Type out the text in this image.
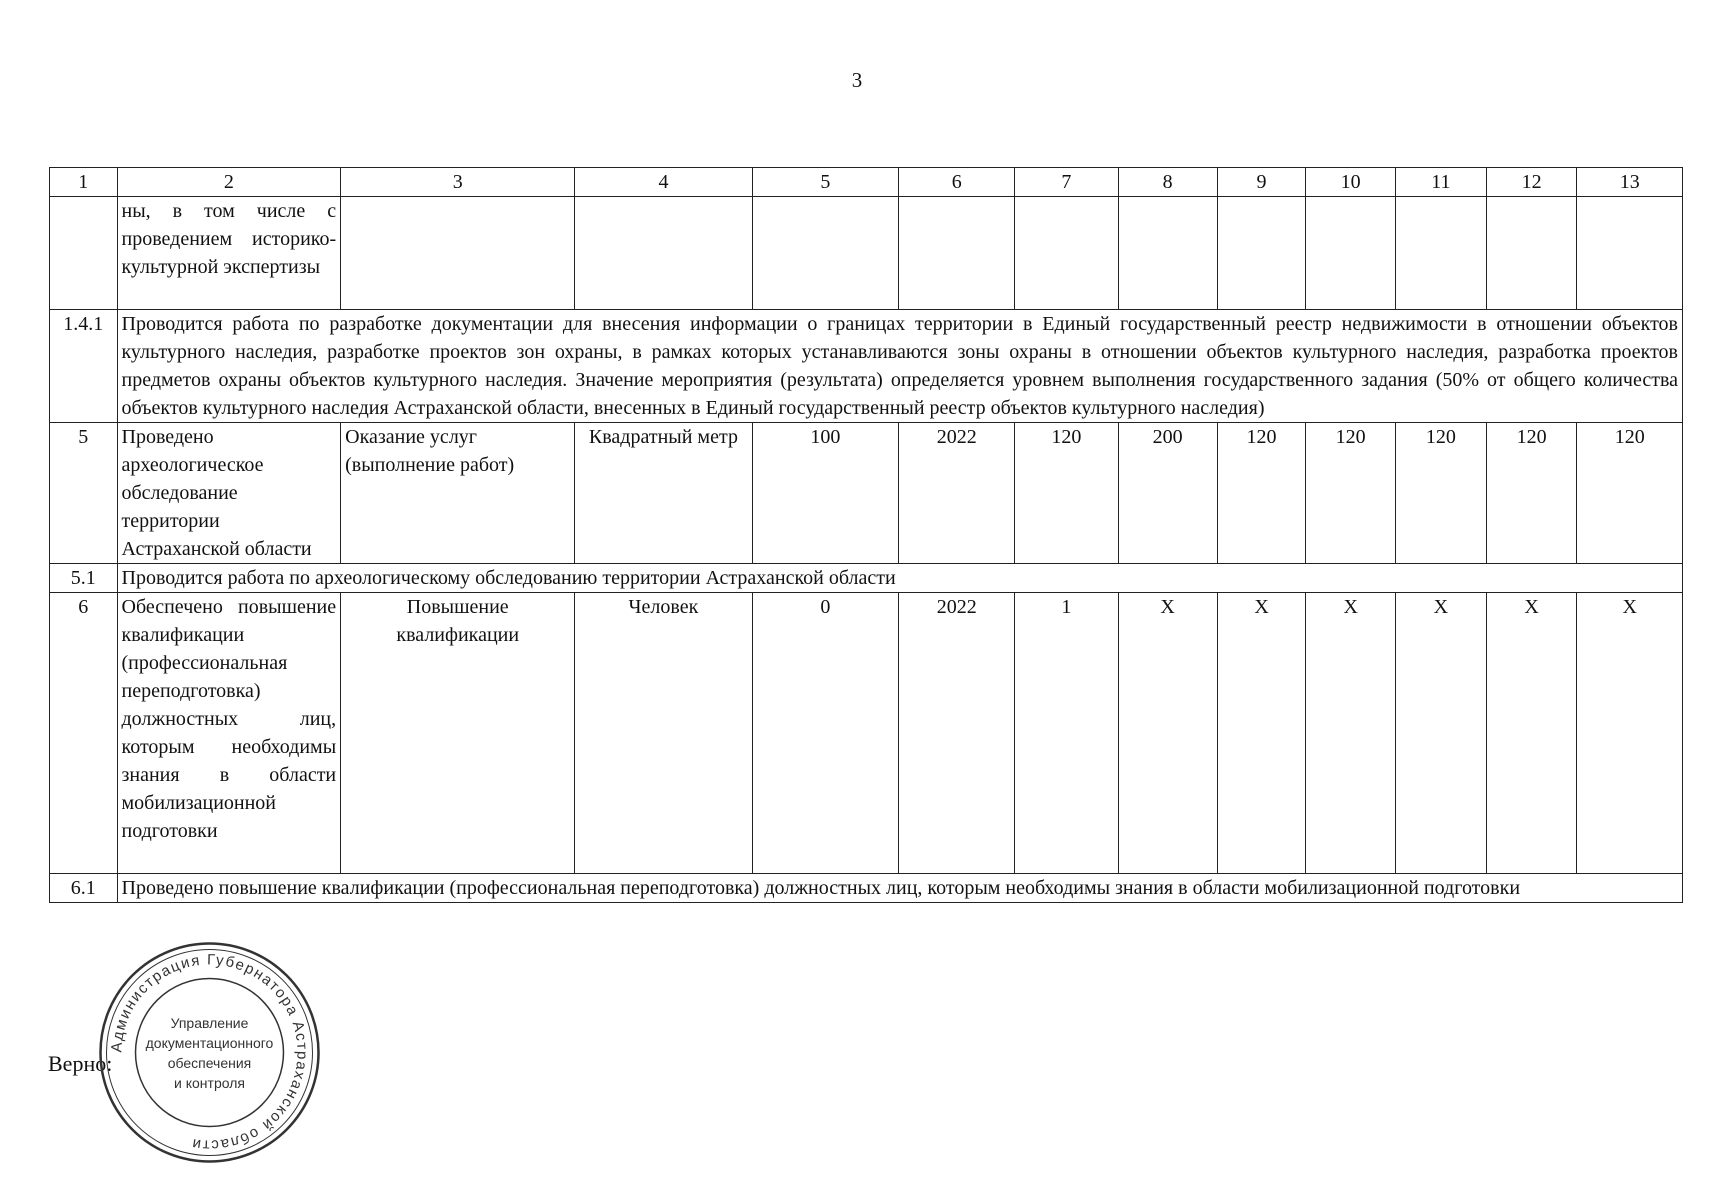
3
1	2	3	4	5	6	7	8	9	10	11	12	13
	ны, в том числе с проведением историко-культурной экспертизы											
1.4.1	Проводится работа по разработке документации для внесения информации о границах территории в Единый государственный реестр недвижимости в отношении объектов культурного наследия, разработке проектов зон охраны, в рамках которых устанавливаются зоны охраны в отношении объектов культурного наследия, разработка проектов предметов охраны объектов культурного наследия. Значение мероприятия (результата) определяется уровнем выполнения государственного задания (50% от общего количества объектов культурного наследия Астраханской области, внесенных в Единый государственный реестр объектов культурного наследия)											
5	Проведено археологическое обследование территории Астраханской области	Оказание услуг (выполнение работ)	Квадратный метр	100	2022	120	200	120	120	120	120	120
5.1	Проводится работа по археологическому обследованию территории Астраханской области											
6	Обеспечено повышение квалификации (профессиональная переподготовка) должностных лиц, которым необходимы знания в области мобилизационной подготовки	Повышение квалификации	Человек	0	2022	1	X	X	X	X	X	X
6.1	Проведено повышение квалификации (профессиональная переподготовка) должностных лиц, которым необходимы знания в области мобилизационной подготовки											
Верно:
Администрация Губернатора Астраханской области
Управление
документационного
обеспечения
и контроля
